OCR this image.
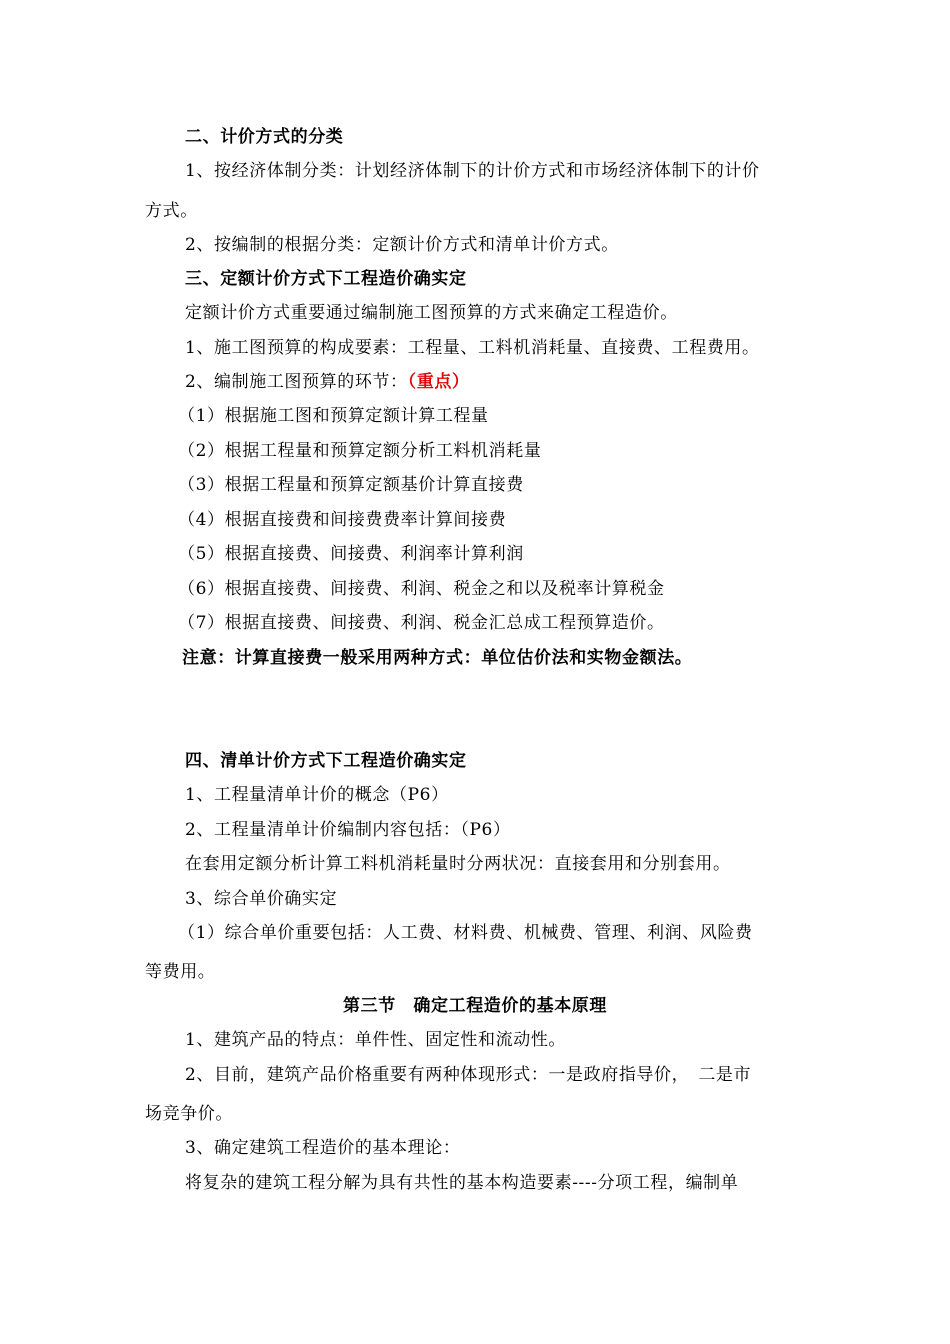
二、计价方式的分类
1、按经济体制分类：计划经济体制下的计价方式和市场经济体制下的计价
方式。
2、按编制的根据分类：定额计价方式和清单计价方式。
三、定额计价方式下工程造价确实定
定额计价方式重要通过编制施工图预算的方式来确定工程造价。
1、施工图预算的构成要素：工程量、工料机消耗量、直接费、工程费用。
2、编制施工图预算的环节：（重点）
（1）根据施工图和预算定额计算工程量
（2）根据工程量和预算定额分析工料机消耗量
（3）根据工程量和预算定额基价计算直接费
（4）根据直接费和间接费费率计算间接费
（5）根据直接费、间接费、利润率计算利润
（6）根据直接费、间接费、利润、税金之和以及税率计算税金
（7）根据直接费、间接费、利润、税金汇总成工程预算造价。
注意：计算直接费一般采用两种方式：单位估价法和实物金额法。
四、清单计价方式下工程造价确实定
1、工程量清单计价的概念（P6）
2、工程量清单计价编制内容包括：（P6）
在套用定额分析计算工料机消耗量时分两状况：直接套用和分别套用。
3、综合单价确实定
（1）综合单价重要包括：人工费、材料费、机械费、管理、利润、风险费
等费用。
第三节　确定工程造价的基本原理
1、建筑产品的特点：单件性、固定性和流动性。
2、目前，建筑产品价格重要有两种体现形式：一是政府指导价，　二是市
场竞争价。
3、确定建筑工程造价的基本理论：
将复杂的建筑工程分解为具有共性的基本构造要素----分项工程，编制单
